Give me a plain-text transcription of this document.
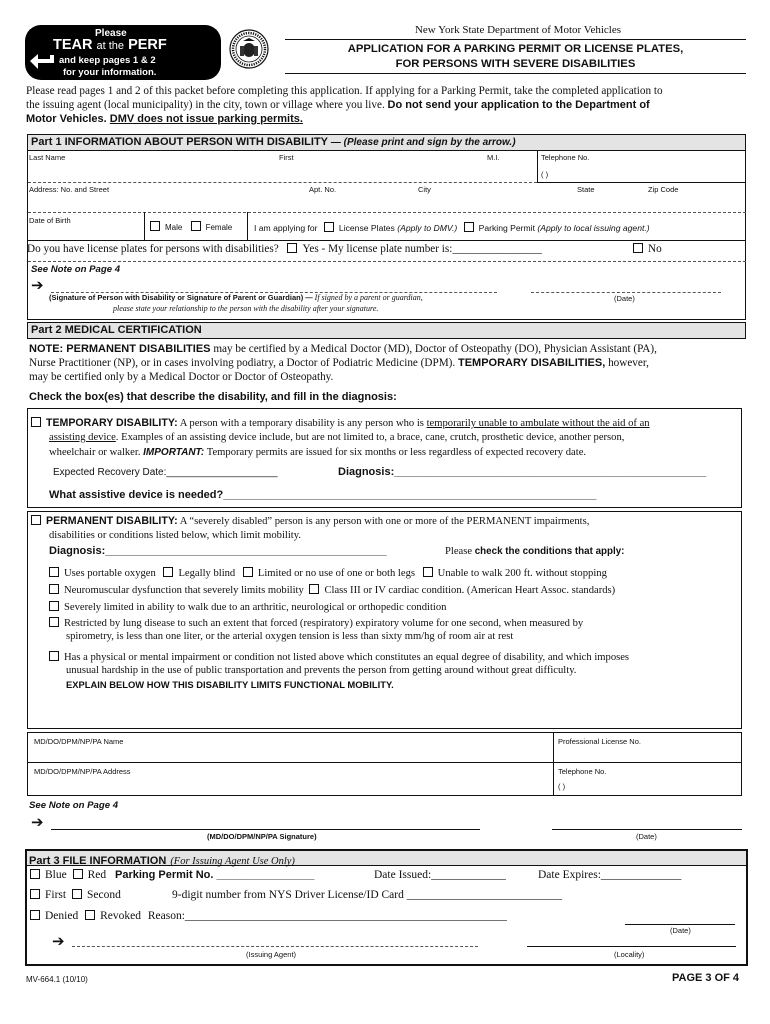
Please
TEAR at the PERF
and keep pages 1 & 2
for your information.
New York State Department of Motor Vehicles
APPLICATION FOR A PARKING PERMIT OR LICENSE PLATES,
FOR PERSONS WITH SEVERE DISABILITIES
Please read pages 1 and 2 of this packet before completing this application. If applying for a Parking Permit, take the completed application to
the issuing agent (local municipality) in the city, town or village where you live. Do not send your application to the Department of
Motor Vehicles. DMV does not issue parking permits.
Part 1 INFORMATION ABOUT PERSON WITH DISABILITY — (Please print and sign by the arrow.)
Last Name	First	M.I.	Telephone No.
( )
Address: No. and Street	Apt. No.	City	State	Zip Code
Date of Birth
Male	Female	I am applying for License Plates (Apply to DMV.) Parking Permit (Apply to local issuing agent.)
Do you have license plates for persons with disabilities? Yes - My license plate number is:________________	No
See Note on Page 4
➔
(Signature of Person with Disability or Signature of Parent or Guardian) — If signed by a parent or guardian,
please state your relationship to the person with the disability after your signature.
(Date)
Part 2 MEDICAL CERTIFICATION
NOTE: PERMANENT DISABILITIES may be certified by a Medical Doctor (MD), Doctor of Osteopathy (DO), Physician Assistant (PA),
Nurse Practitioner (NP), or in cases involving podiatry, a Doctor of Podiatric Medicine (DPM). TEMPORARY DISABILITIES, however,
may be certified only by a Medical Doctor or Doctor of Osteopathy.
Check the box(es) that describe the disability, and fill in the diagnosis:
TEMPORARY DISABILITY: A person with a temporary disability is any person who is temporarily unable to ambulate without the aid of an
assisting device. Examples of an assisting device include, but are not limited to, a brace, cane, crutch, prosthetic device, another person,
wheelchair or walker. IMPORTANT: Temporary permits are issued for six months or less regardless of expected recovery date.
Expected Recovery Date:____________________	Diagnosis:___________________________________________________
What assistive device is needed?_____________________________________________________________
PERMANENT DISABILITY: A “severely disabled” person is any person with one or more of the PERMANENT impairments,
disabilities or conditions listed below, which limit mobility.
Diagnosis:______________________________________________	Please check the conditions that apply:
Uses portable oxygen Legally blind Limited or no use of one or both legs Unable to walk 200 ft. without stopping
Neuromuscular dysfunction that severely limits mobility Class III or IV cardiac condition. (American Heart Assoc. standards)
Severely limited in ability to walk due to an arthritic, neurological or orthopedic condition
Restricted by lung disease to such an extent that forced (respiratory) expiratory volume for one second, when measured by
spirometry, is less than one liter, or the arterial oxygen tension is less than sixty mm/hg of room air at rest
Has a physical or mental impairment or condition not listed above which constitutes an equal degree of disability, and which imposes
unusual hardship in the use of public transportation and prevents the person from getting around without great difficulty.
EXPLAIN BELOW HOW THIS DISABILITY LIMITS FUNCTIONAL MOBILITY.
MD/DO/DPM/NP/PA Name	Professional License No.
MD/DO/DPM/NP/PA Address	Telephone No.
( )
See Note on Page 4
➔
(MD/DO/DPM/NP/PA Signature)	(Date)
Part 3 FILE INFORMATION (For Issuing Agent Use Only)
Blue Red Parking Permit No. ________________	Date Issued:_____________	Date Expires:______________
First Second	9-digit number from NYS Driver License/ID Card ___________________________
Denied Revoked Reason:________________________________________________________
(Date)
➔
(Issuing Agent)	(Locality)
MV-664.1 (10/10)	PAGE 3 OF 4
